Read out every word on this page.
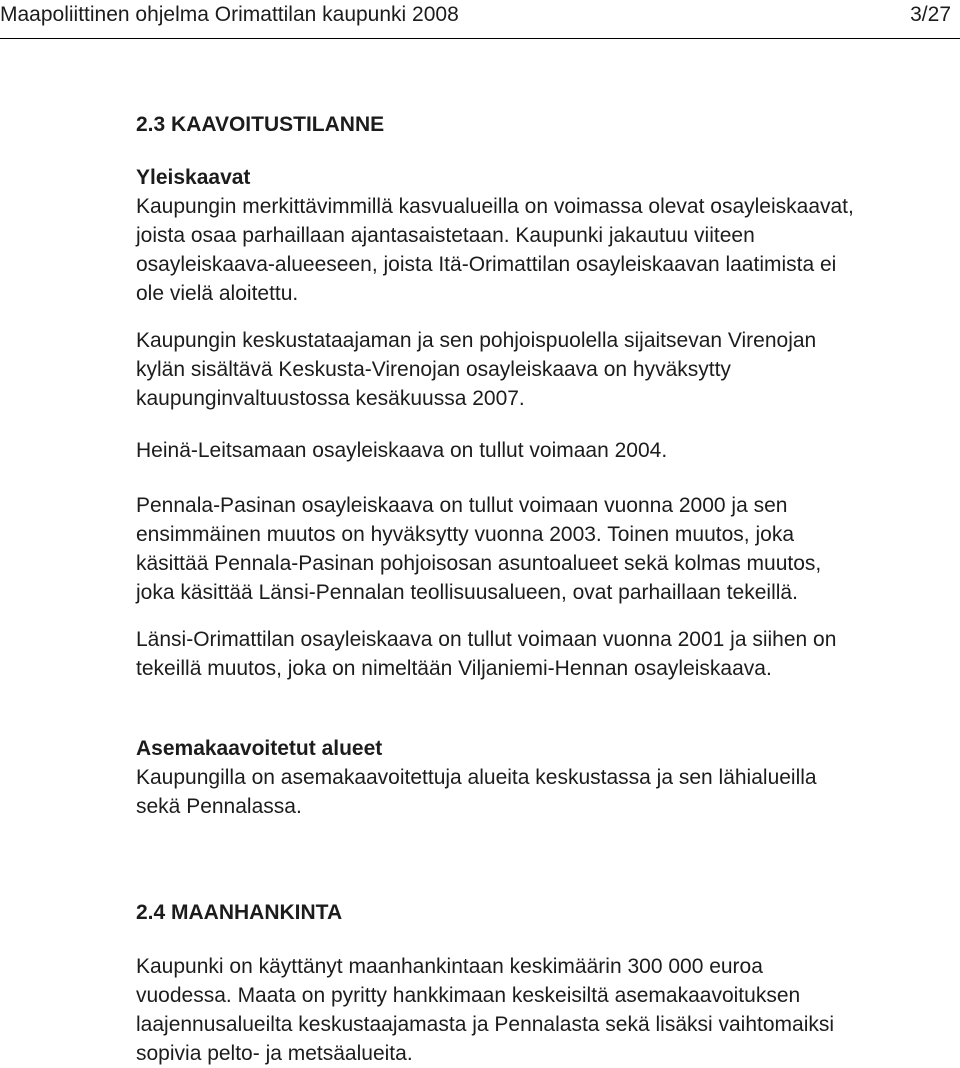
Maapoliittinen ohjelma Orimattilan kaupunki 2008	3/27
2.3 KAAVOITUSTILANNE
Yleiskaavat
Kaupungin merkittävimmillä kasvualueilla on voimassa olevat osayleiskaavat,
joista osaa parhaillaan ajantasaistetaan. Kaupunki jakautuu viiteen
osayleiskaava-alueeseen, joista Itä-Orimattilan osayleiskaavan laatimista ei
ole vielä aloitettu.
Kaupungin keskustataajaman ja sen pohjoispuolella sijaitsevan Virenojan
kylän sisältävä Keskusta-Virenojan osayleiskaava on hyväksytty
kaupunginvaltuustossa kesäkuussa 2007.
Heinä-Leitsamaan osayleiskaava on tullut voimaan 2004.
Pennala-Pasinan osayleiskaava on tullut voimaan vuonna 2000 ja sen
ensimmäinen muutos on hyväksytty vuonna 2003. Toinen muutos, joka
käsittää Pennala-Pasinan pohjoisosan asuntoalueet sekä kolmas muutos,
joka käsittää Länsi-Pennalan teollisuusalueen, ovat parhaillaan tekeillä.
Länsi-Orimattilan osayleiskaava on tullut voimaan vuonna 2001 ja siihen on
tekeillä muutos, joka on nimeltään Viljaniemi-Hennan osayleiskaava.
Asemakaavoitetut alueet
Kaupungilla on asemakaavoitettuja alueita keskustassa ja sen lähialueilla
sekä Pennalassa.
2.4 MAANHANKINTA
Kaupunki on käyttänyt maanhankintaan keskimäärin 300 000 euroa
vuodessa. Maata on pyritty hankkimaan keskeisiltä asemakaavoituksen
laajennusalueilta keskustaajamasta ja Pennalasta sekä lisäksi vaihtomaiksi
sopivia pelto- ja metsäalueita.
